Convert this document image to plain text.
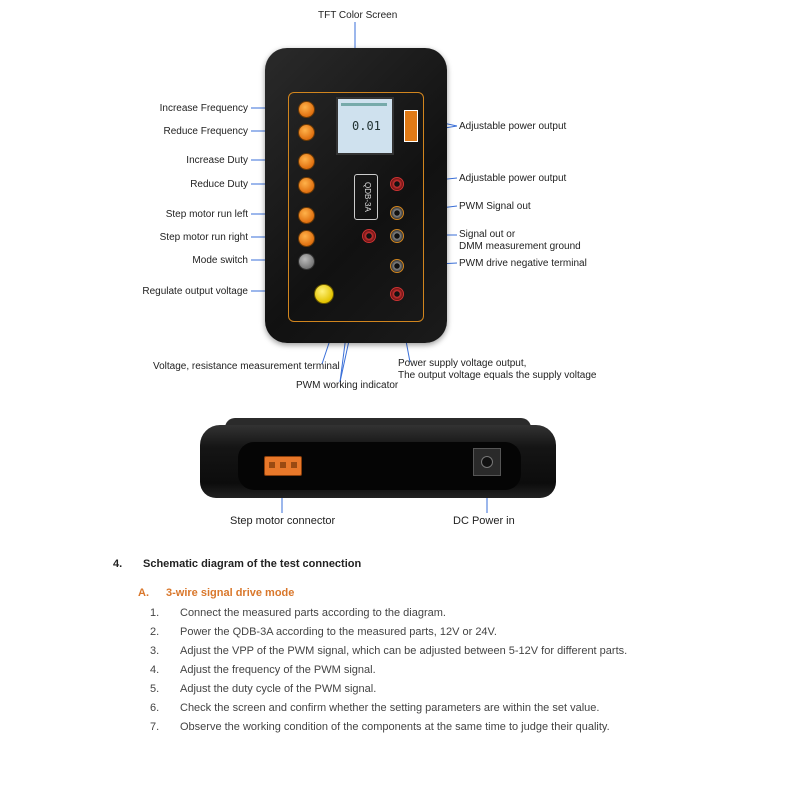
0.01
QDB-3A
Increase Frequency
Reduce Frequency
Increase Duty
Reduce Duty
Step motor run left
Step motor run right
Mode switch
Regulate output voltage
TFT Color Screen
Adjustable power output
Adjustable power output
PWM Signal out
Signal out or
DMM measurement ground
PWM drive negative terminal
Voltage, resistance measurement terminal
PWM working indicator
Power supply voltage output,
The output voltage equals the supply voltage
Step motor connector	DC Power in
4. Schematic diagram of the test connection
A. 3-wire signal drive mode
1. Connect the measured parts according to the diagram.
2. Power the QDB-3A according to the measured parts, 12V or 24V.
3. Adjust the VPP of the PWM signal, which can be adjusted between 5-12V for different parts.
4. Adjust the frequency of the PWM signal.
5. Adjust the duty cycle of the PWM signal.
6. Check the screen and confirm whether the setting parameters are within the set value.
7. Observe the working condition of the components at the same time to judge their quality.
